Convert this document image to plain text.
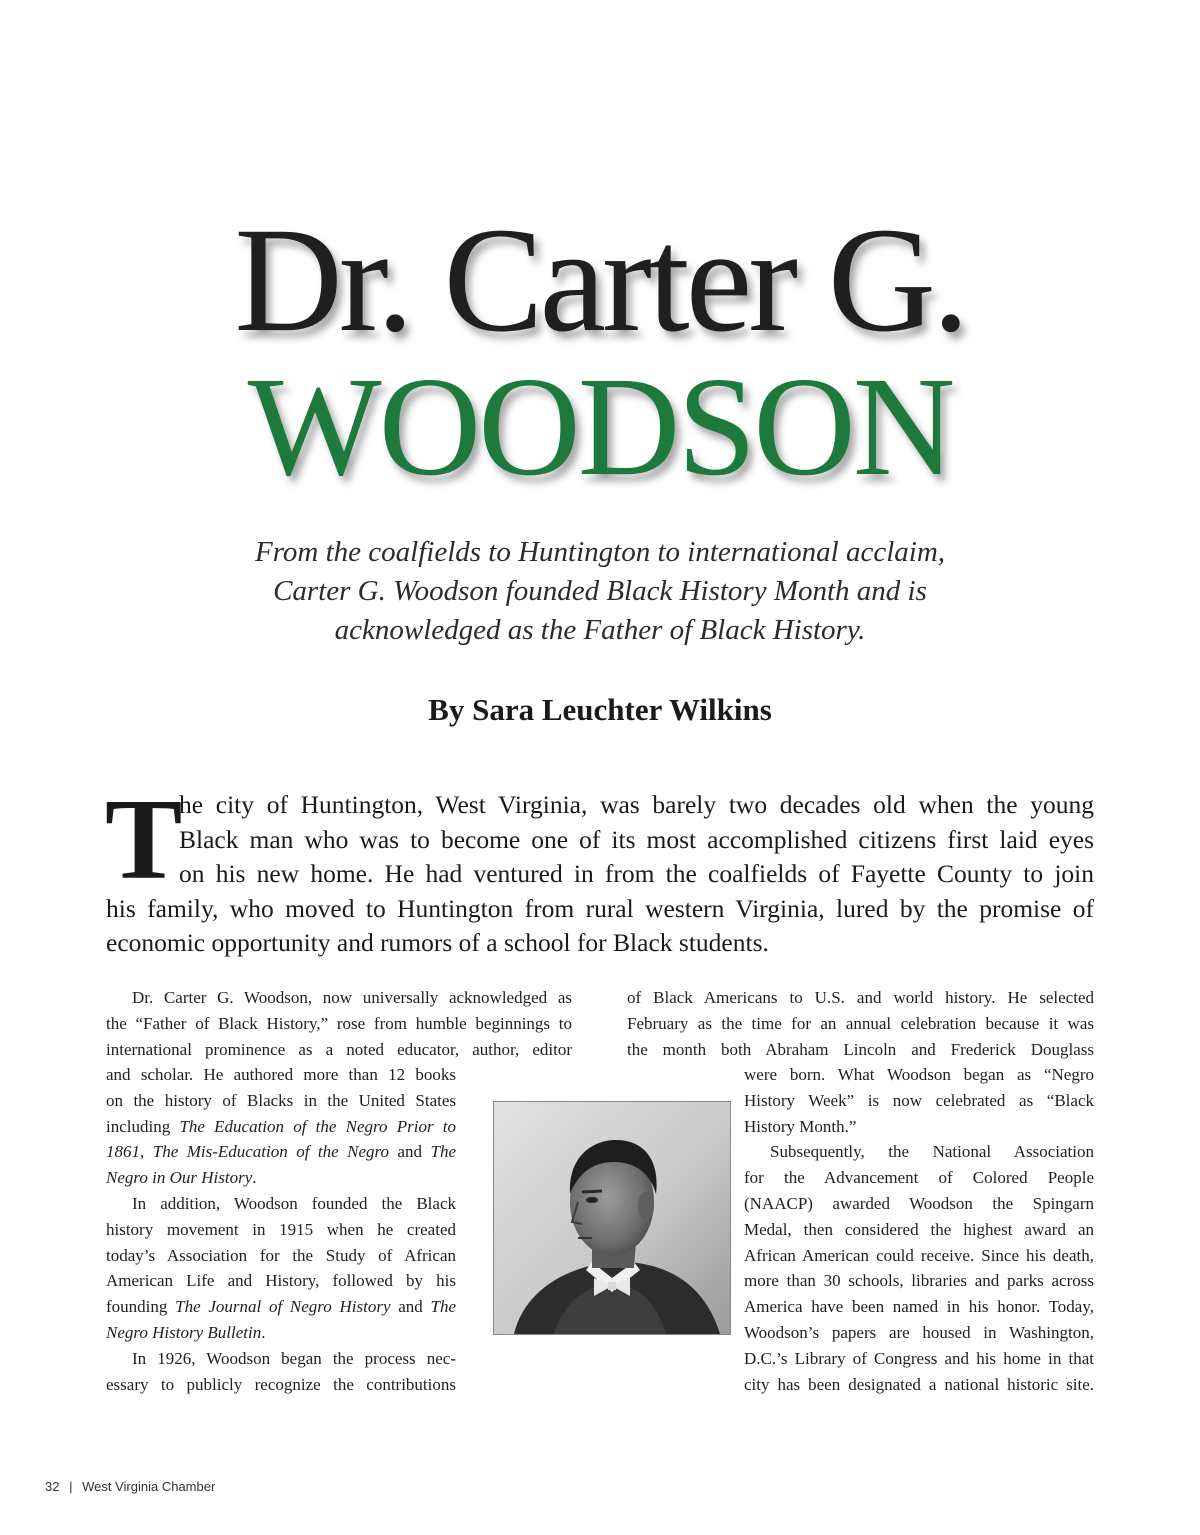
Dr. Carter G.
WOODSON
From the coalfields to Huntington to international acclaim,
Carter G. Woodson founded Black History Month and is
acknowledged as the Father of Black History.
By Sara Leuchter Wilkins
T
he city of Huntington, West Virginia, was barely two decades old when the young
Black man who was to become one of its most accomplished citizens first laid eyes
on his new home. He had ventured in from the coalfields of Fayette County to join
his family, who moved to Huntington from rural western Virginia, lured by the promise of
economic opportunity and rumors of a school for Black students.
Dr. Carter G. Woodson, now universally acknowledged as
the “Father of Black History,” rose from humble beginnings to
international prominence as a noted educator, author, editor
and scholar. He authored more than 12 books
on the history of Blacks in the United States
including The Education of the Negro Prior to
1861, The Mis-Education of the Negro and The
Negro in Our History.
In addition, Woodson founded the Black
history movement in 1915 when he created
today’s Association for the Study of African
American Life and History, followed by his
founding The Journal of Negro History and The
Negro History Bulletin.
In 1926, Woodson began the process nec-
essary to publicly recognize the contributions
of Black Americans to U.S. and world history. He selected
February as the time for an annual celebration because it was
the month both Abraham Lincoln and Frederick Douglass
were born. What Woodson began as “Negro
History Week” is now celebrated as “Black
History Month.”
Subsequently, the National Association
for the Advancement of Colored People
(NAACP) awarded Woodson the Spingarn
Medal, then considered the highest award an
African American could receive. Since his death,
more than 30 schools, libraries and parks across
America have been named in his honor. Today,
Woodson’s papers are housed in Washington,
D.C.’s Library of Congress and his home in that
city has been designated a national historic site.
32 | West Virginia Chamber
